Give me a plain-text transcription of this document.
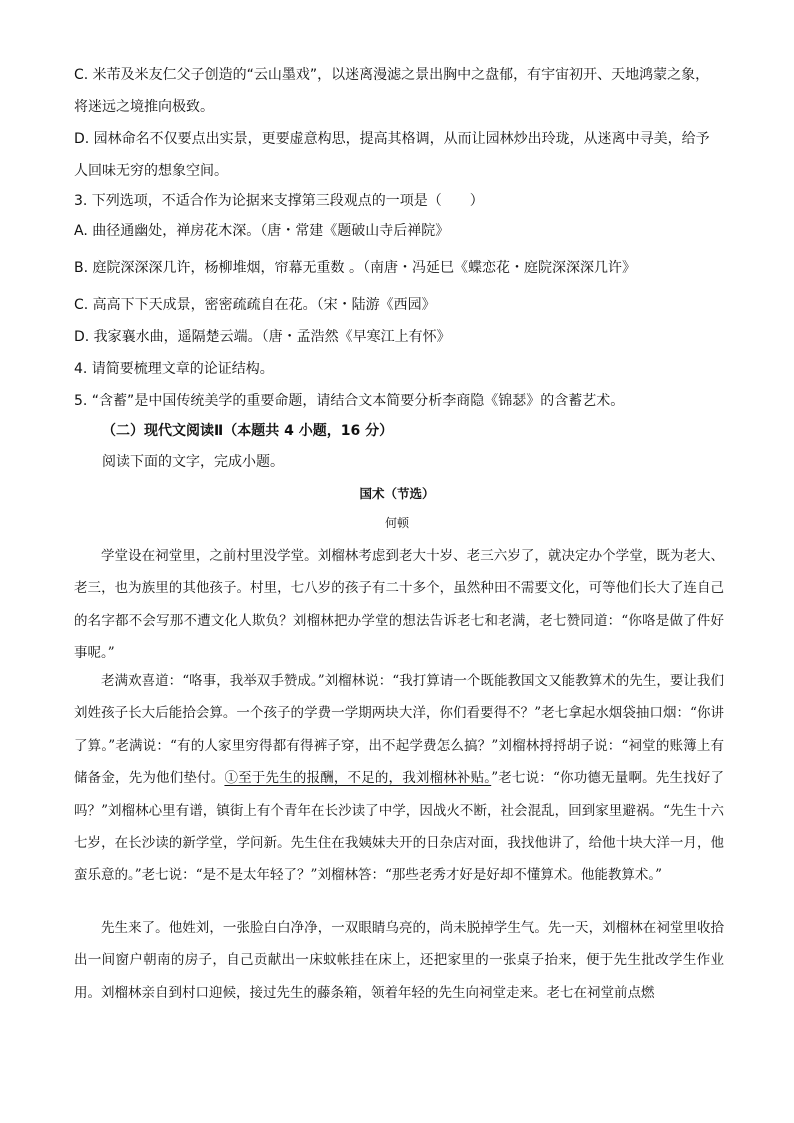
C. 米芾及米友仁父子创造的“云山墨戏”，以迷离漫滤之景出胸中之盘郁，有宇宙初开、天地鸿蒙之象，
将迷远之境推向极致。
D. 园林命名不仅要点出实景，更要虚意构思，提高其格调，从而让园林炒出玲珑，从迷离中寻美，给予
人回味无穷的想象空间。
3. 下列选项，不适合作为论据来支撑第三段观点的一项是（　　）
A. 曲径通幽处，禅房花木深。（唐・常建《题破山寺后禅院》
B. 庭院深深深几许，杨柳堆烟，帘幕无重数 。（南唐・冯延巳《蝶恋花・庭院深深深几许》
C. 高高下下天成景，密密疏疏自在花。（宋・陆游《西园》
D. 我家襄水曲，遥隔楚云端。（唐・孟浩然《早寒江上有怀》
4. 请简要梳理文章的论证结构。
5. “含蓄”是中国传统美学的重要命题，请结合文本简要分析李商隐《锦瑟》的含蓄艺术。
（二）现代文阅读Ⅱ（本题共 4 小题，16 分）
阅读下面的文字，完成小题。
国术（节选）
何顿
学堂设在祠堂里，之前村里没学堂。刘榴林考虑到老大十岁、老三六岁了，就决定办个学堂，既为老大、老三，也为族里的其他孩子。村里，七八岁的孩子有二十多个，虽然种田不需要文化，可等他们长大了连自己的名字都不会写那不遭文化人欺负？刘榴林把办学堂的想法告诉老七和老满，老七赞同道：“你咯是做了件好事呢。”
老满欢喜道：“咯事，我举双手赞成。”刘榴林说：“我打算请一个既能教国文又能教算术的先生，要让我们刘姓孩子长大后能拾会算。一个孩子的学费一学期两块大洋，你们看要得不？”老七拿起水烟袋抽口烟：“你讲了算。”老满说：“有的人家里穷得都有得裤子穿，出不起学费怎么搞？”刘榴林捋捋胡子说：“祠堂的账簿上有储备金，先为他们垫付。①至于先生的报酬，不足的，我刘榴林补贴。”老七说：“你功德无量啊。先生找好了吗？”刘榴林心里有谱，镇街上有个青年在长沙读了中学，因战火不断，社会混乱，回到家里避祸。“先生十六七岁，在长沙读的新学堂，学问新。先生住在我姨妹夫开的日杂店对面，我找他讲了，给他十块大洋一月，他蛮乐意的。”老七说：“是不是太年轻了？”刘榴林答：“那些老秀才好是好却不懂算术。他能教算术。”
先生来了。他姓刘，一张脸白白净净，一双眼睛乌亮的，尚未脱掉学生气。先一天，刘榴林在祠堂里收拾出一间窗户朝南的房子，自己贡献出一床蚊帐挂在床上，还把家里的一张桌子抬来，便于先生批改学生作业用。刘榴林亲自到村口迎候，接过先生的藤条箱，领着年轻的先生向祠堂走来。老七在祠堂前点燃
